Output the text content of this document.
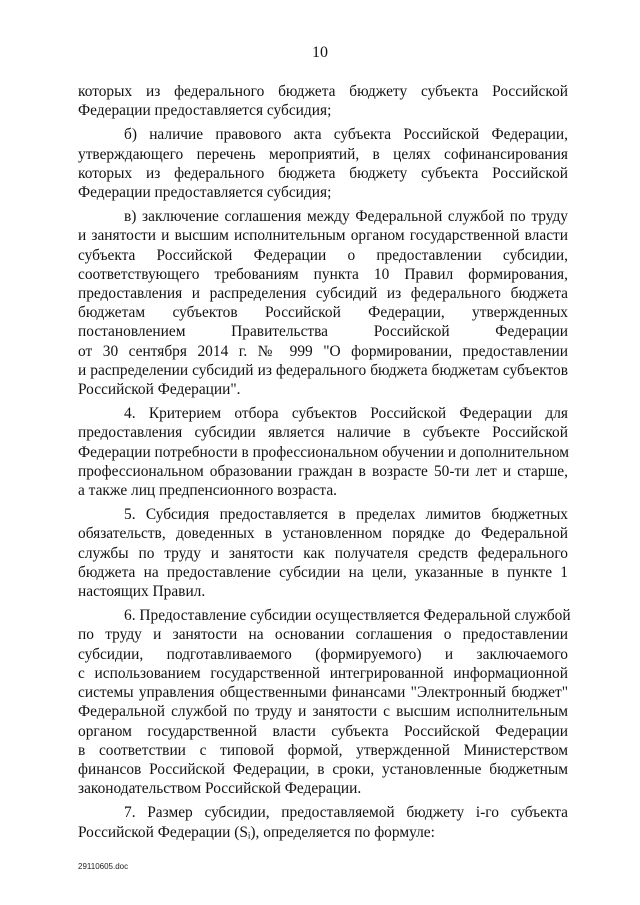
10
которых из федерального бюджета бюджету субъекта Российской
Федерации предоставляется субсидия;
б) наличие правового акта субъекта Российской Федерации,
утверждающего перечень мероприятий, в целях софинансирования
которых из федерального бюджета бюджету субъекта Российской
Федерации предоставляется субсидия;
в) заключение соглашения между Федеральной службой по труду
и занятости и высшим исполнительным органом государственной власти
субъекта Российской Федерации о предоставлении субсидии,
соответствующего требованиям пункта 10 Правил формирования,
предоставления и распределения субсидий из федерального бюджета
бюджетам субъектов Российской Федерации, утвержденных
постановлением Правительства Российской Федерации
от 30 сентября 2014 г. № 999 "О формировании, предоставлении
и распределении субсидий из федерального бюджета бюджетам субъектов
Российской Федерации".
4. Критерием отбора субъектов Российской Федерации для
предоставления субсидии является наличие в субъекте Российской
Федерации потребности в профессиональном обучении и дополнительном
профессиональном образовании граждан в возрасте 50-ти лет и старше,
а также лиц предпенсионного возраста.
5. Субсидия предоставляется в пределах лимитов бюджетных
обязательств, доведенных в установленном порядке до Федеральной
службы по труду и занятости как получателя средств федерального
бюджета на предоставление субсидии на цели, указанные в пункте 1
настоящих Правил.
6. Предоставление субсидии осуществляется Федеральной службой
по труду и занятости на основании соглашения о предоставлении
субсидии, подготавливаемого (формируемого) и заключаемого
с использованием государственной интегрированной информационной
системы управления общественными финансами "Электронный бюджет"
Федеральной службой по труду и занятости с высшим исполнительным
органом государственной власти субъекта Российской Федерации
в соответствии с типовой формой, утвержденной Министерством
финансов Российской Федерации, в сроки, установленные бюджетным
законодательством Российской Федерации.
7. Размер субсидии, предоставляемой бюджету i-го субъекта
Российской Федерации (Sᵢ), определяется по формуле:
29110605.doc
